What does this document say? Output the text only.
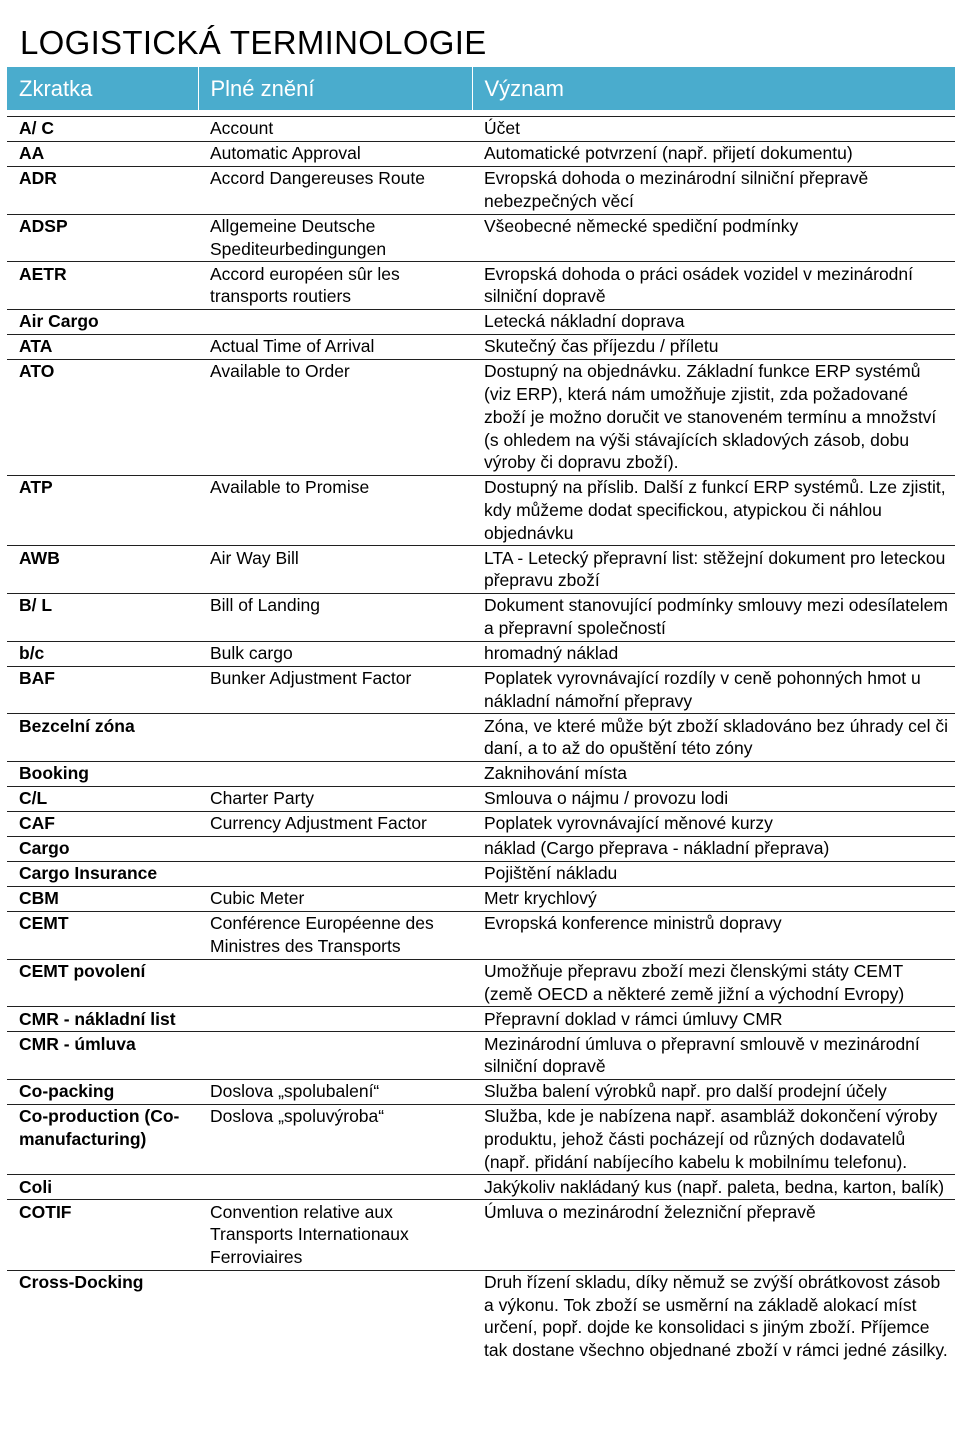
LOGISTICKÁ TERMINOLOGIE
Zkratka	Plné znění	Význam

A/ C	Account	Účet
AA	Automatic Approval	Automatické potvrzení (např. přijetí dokumentu)
ADR	Accord Dangereuses Route	Evropská dohoda o mezinárodní silniční přepravě nebezpečných věcí
ADSP	Allgemeine Deutsche Spediteurbedingungen	Všeobecné německé spediční podmínky
AETR	Accord européen sûr les transports routiers	Evropská dohoda o práci osádek vozidel v mezinárodní silniční dopravě
Air Cargo		Letecká nákladní doprava
ATA	Actual Time of Arrival	Skutečný čas příjezdu / příletu
ATO	Available to Order	Dostupný na objednávku. Základní funkce ERP systémů (viz ERP), která nám umožňuje zjistit, zda požadované zboží je možno doručit ve stanoveném termínu a množství (s ohledem na výši stávajících skladových zásob, dobu výroby či dopravu zboží).
ATP	Available to Promise	Dostupný na příslib. Další z funkcí ERP systémů. Lze zjistit, kdy můžeme dodat specifickou, atypickou či náhlou objednávku
AWB	Air Way Bill	LTA - Letecký přepravní list: stěžejní dokument pro leteckou přepravu zboží
B/ L	Bill of Landing	Dokument stanovující podmínky smlouvy mezi odesílatelem a přepravní společností
b/c	Bulk cargo	hromadný náklad
BAF	Bunker Adjustment Factor	Poplatek vyrovnávající rozdíly v ceně pohonných hmot u nákladní námořní přepravy
Bezcelní zóna		Zóna, ve které může být zboží skladováno bez úhrady cel či daní, a to až do opuštění této zóny
Booking		Zaknihování místa
C/L	Charter Party	Smlouva o nájmu / provozu lodi
CAF	Currency Adjustment Factor	Poplatek vyrovnávající měnové kurzy
Cargo		náklad (Cargo přeprava - nákladní přeprava)
Cargo Insurance		Pojištění nákladu
CBM	Cubic Meter	Metr krychlový
CEMT	Conférence Européenne des Ministres des Transports	Evropská konference ministrů dopravy
CEMT povolení		Umožňuje přepravu zboží mezi členskými státy CEMT (země OECD a některé země jižní a východní Evropy)
CMR - nákladní list		Přepravní doklad v rámci úmluvy CMR
CMR - úmluva		Mezinárodní úmluva o přepravní smlouvě v mezinárodní silniční dopravě
Co-packing	Doslova „spolubalení“	Služba balení výrobků např. pro další prodejní účely
Co-production (Co-manufacturing)	Doslova „spoluvýroba“	Služba, kde je nabízena např. asambláž dokončení výroby produktu, jehož části pocházejí od různých dodavatelů (např. přidání nabíjecího kabelu k mobilnímu telefonu).
Coli		Jakýkoliv nakládaný kus (např. paleta, bedna, karton, balík)
COTIF	Convention relative aux Transports Internationaux Ferroviaires	Úmluva o mezinárodní železniční přepravě
Cross-Docking		Druh řízení skladu, díky němuž se zvýší obrátkovost zásob a výkonu. Tok zboží se usměrní na základě alokací míst určení, popř. dojde ke konsolidaci s jiným zboží. Příjemce tak dostane všechno objednané zboží v rámci jedné zásilky.
